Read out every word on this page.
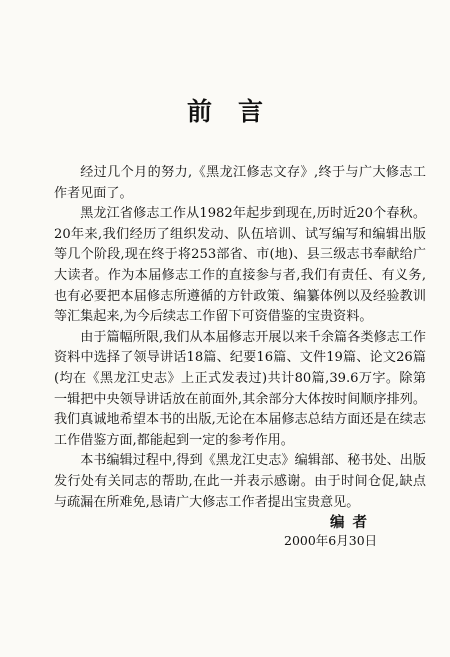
前言

经过几个月的努力,《黑龙江修志文存》,终于与广大修志工作者见面了。

黑龙江省修志工作从1982年起步到现在,历时近20个春秋。20年来,我们经历了组织发动、队伍培训、试写编写和编辑出版等几个阶段,现在终于将253部省、市(地)、县三级志书奉献给广大读者。作为本届修志工作的直接参与者,我们有责任、有义务,也有必要把本届修志所遵循的方针政策、编纂体例以及经验教训等汇集起来,为今后续志工作留下可资借鉴的宝贵资料。

由于篇幅所限,我们从本届修志开展以来千余篇各类修志工作资料中选择了领导讲话18篇、纪要16篇、文件19篇、论文26篇(均在《黑龙江史志》上正式发表过)共计80篇,39.6万字。除第一辑把中央领导讲话放在前面外,其余部分大体按时间顺序排列。我们真诚地希望本书的出版,无论在本届修志总结方面还是在续志工作借鉴方面,都能起到一定的参考作用。

本书编辑过程中,得到《黑龙江史志》编辑部、秘书处、出版发行处有关同志的帮助,在此一并表示感谢。由于时间仓促,缺点与疏漏在所难免,恳请广大修志工作者提出宝贵意见。

编者
2000年6月30日
